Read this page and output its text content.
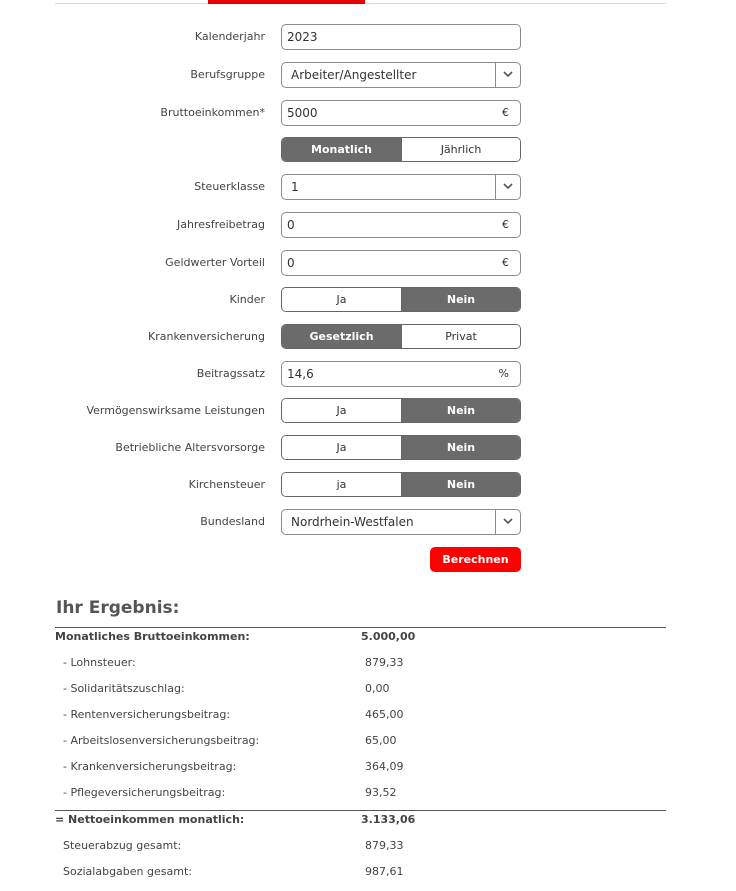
Kalenderjahr 2023
Berufsgruppe Arbeiter/Angestellter
Bruttoeinkommen* 5000	€
Monatlich	Jährlich
Steuerklasse 1
Jahresfreibetrag 0	€
Geldwerter Vorteil 0	€
Kinder	Ja	Nein
Krankenversicherung	Gesetzlich	Privat
Beitragssatz 14,6	%
Vermögenswirksame Leistungen	Ja	Nein
Betriebliche Altersvorsorge	Ja	Nein
Kirchensteuer	ja	Nein
Bundesland Nordrhein-Westfalen
Berechnen
Ihr Ergebnis:
Monatliches Bruttoeinkommen:	5.000,00
- Lohnsteuer:	879,33
- Solidaritätszuschlag:	0,00
- Rentenversicherungsbeitrag:	465,00
- Arbeitslosenversicherungsbeitrag:	65,00
- Krankenversicherungsbeitrag:	364,09
- Pflegeversicherungsbeitrag:	93,52
= Nettoeinkommen monatlich:	3.133,06
Steuerabzug gesamt:	879,33
Sozialabgaben gesamt:	987,61
